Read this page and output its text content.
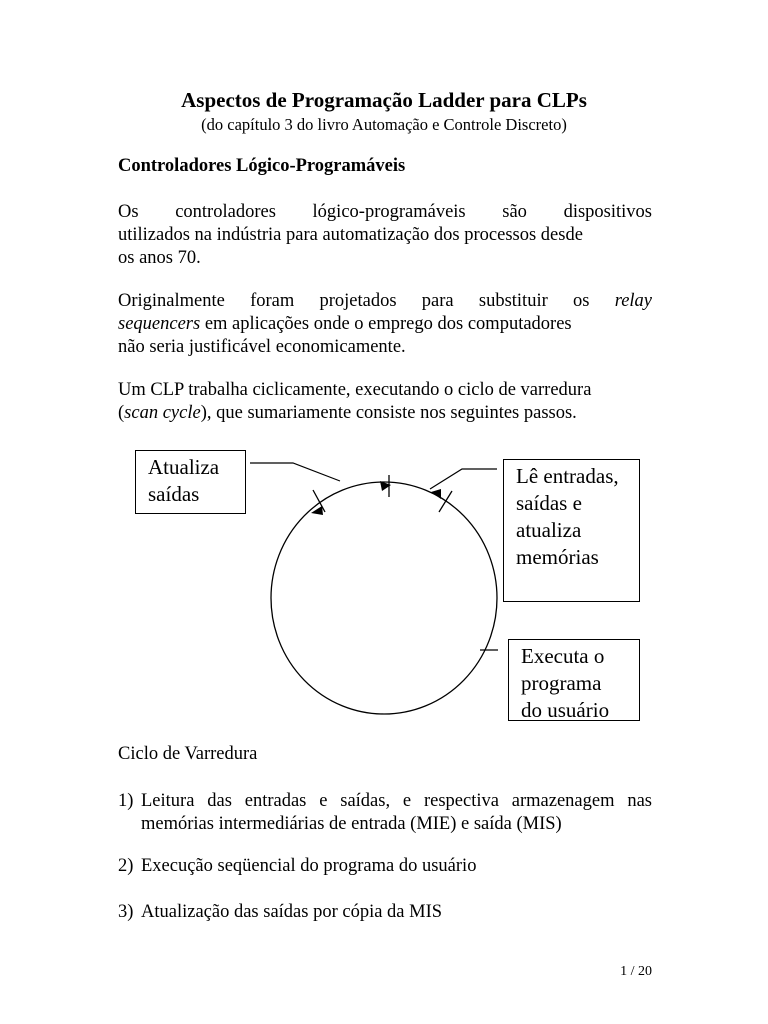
Aspectos de Programação Ladder para CLPs
(do capítulo 3 do livro Automação e Controle Discreto)
Controladores Lógico-Programáveis
Os controladores lógico-programáveis são dispositivos
utilizados na indústria para automatização dos processos desde
os anos 70.
Originalmente foram projetados para substituir os relay
sequencers em aplicações onde o emprego dos computadores
não seria justificável economicamente.
Um CLP trabalha ciclicamente, executando o ciclo de varredura
(scan cycle), que sumariamente consiste nos seguintes passos.
Atualiza
saídas
Lê entradas,
saídas e
atualiza
memórias
Executa o
programa
do usuário
Ciclo de Varredura
1) Leitura das entradas e saídas, e respectiva armazenagem nas
memórias intermediárias de entrada (MIE) e saída (MIS)
2) Execução seqüencial do programa do usuário
3) Atualização das saídas por cópia da MIS
1 / 20
